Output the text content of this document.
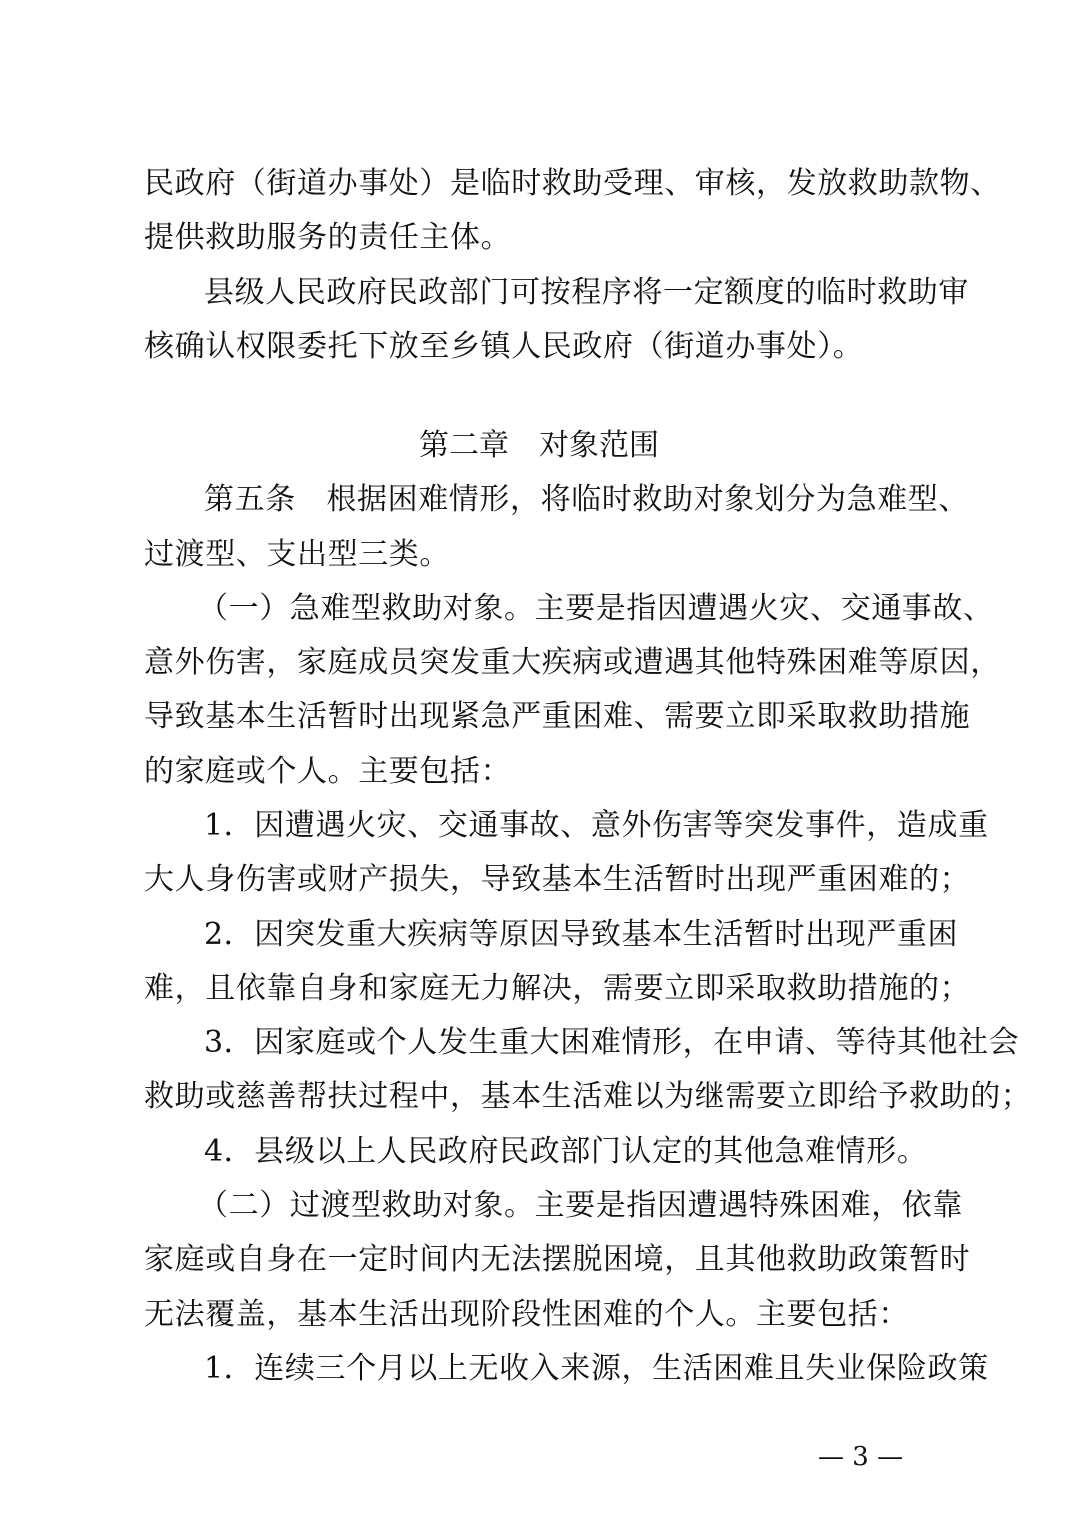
民政府（街道办事处）是临时救助受理、审核，发放救助款物、
提供救助服务的责任主体。
县级人民政府民政部门可按程序将一定额度的临时救助审
核确认权限委托下放至乡镇人民政府（街道办事处）。
第二章　对象范围
第五条　根据困难情形，将临时救助对象划分为急难型、
过渡型、支出型三类。
（一）急难型救助对象。主要是指因遭遇火灾、交通事故、
意外伤害，家庭成员突发重大疾病或遭遇其他特殊困难等原因，
导致基本生活暂时出现紧急严重困难、需要立即采取救助措施
的家庭或个人。主要包括：
1．因遭遇火灾、交通事故、意外伤害等突发事件，造成重
大人身伤害或财产损失，导致基本生活暂时出现严重困难的；
2．因突发重大疾病等原因导致基本生活暂时出现严重困
难，且依靠自身和家庭无力解决，需要立即采取救助措施的；
3．因家庭或个人发生重大困难情形，在申请、等待其他社会
救助或慈善帮扶过程中，基本生活难以为继需要立即给予救助的；
4．县级以上人民政府民政部门认定的其他急难情形。
（二）过渡型救助对象。主要是指因遭遇特殊困难，依靠
家庭或自身在一定时间内无法摆脱困境，且其他救助政策暂时
无法覆盖，基本生活出现阶段性困难的个人。主要包括：
1．连续三个月以上无收入来源，生活困难且失业保险政策
— 3 —
